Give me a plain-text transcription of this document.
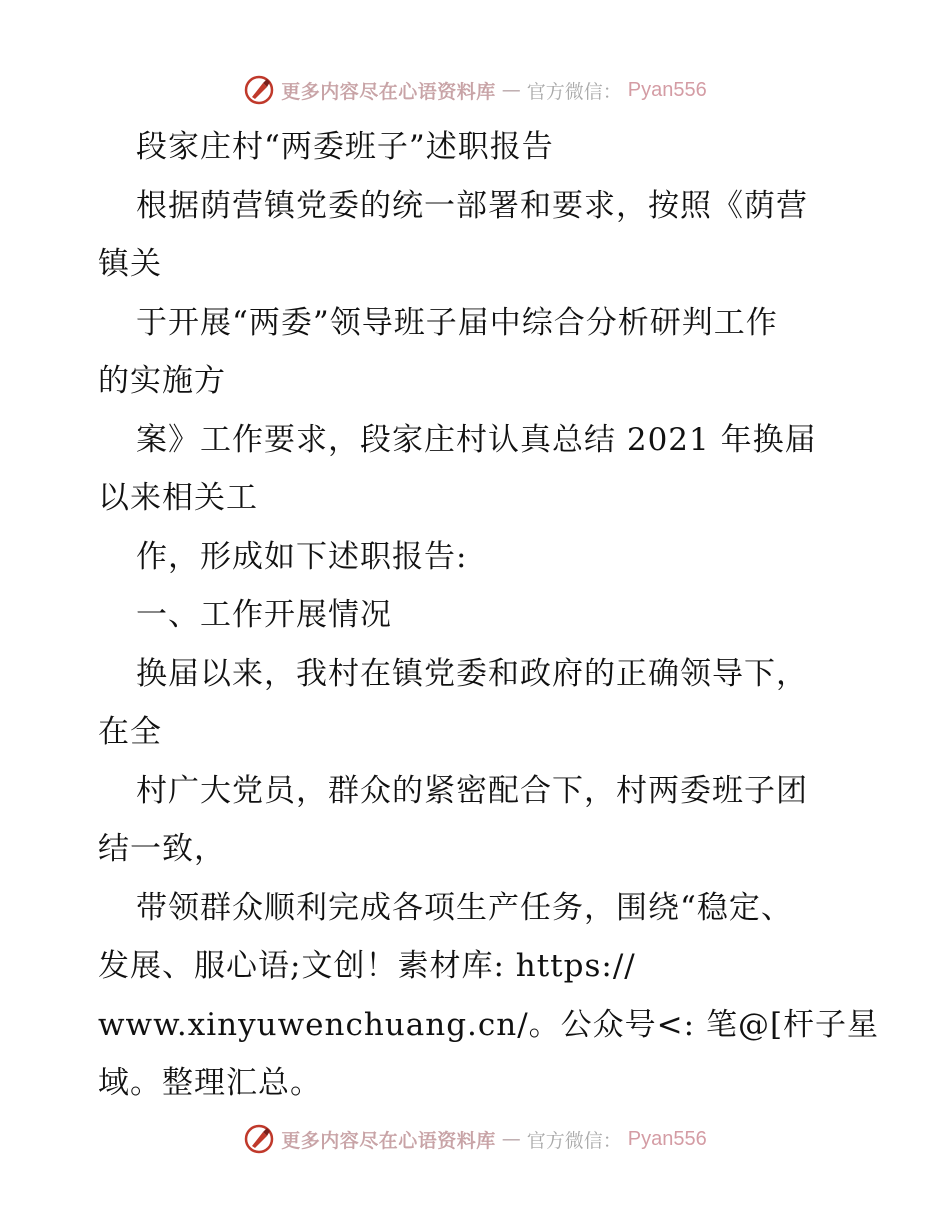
更多内容尽在心语资料库 — 官方微信： Pyan556
段家庄村“两委班子”述职报告
根据荫营镇党委的统一部署和要求，按照《荫营
镇关
于开展“两委”领导班子届中综合分析研判工作
的实施方
案》工作要求，段家庄村认真总结 2021 年换届
以来相关工
作，形成如下述职报告:
一、工作开展情况
换届以来，我村在镇党委和政府的正确领导下，
在全
村广大党员，群众的紧密配合下，村两委班子团
结一致，
带领群众顺利完成各项生产任务，围绕“稳定、
发展、服心语;文创！素材库: https://
www.xinyuwenchuang.cn/。公众号<: 笔@[杆子星
域。整理汇总。
更多内容尽在心语资料库 — 官方微信： Pyan556
